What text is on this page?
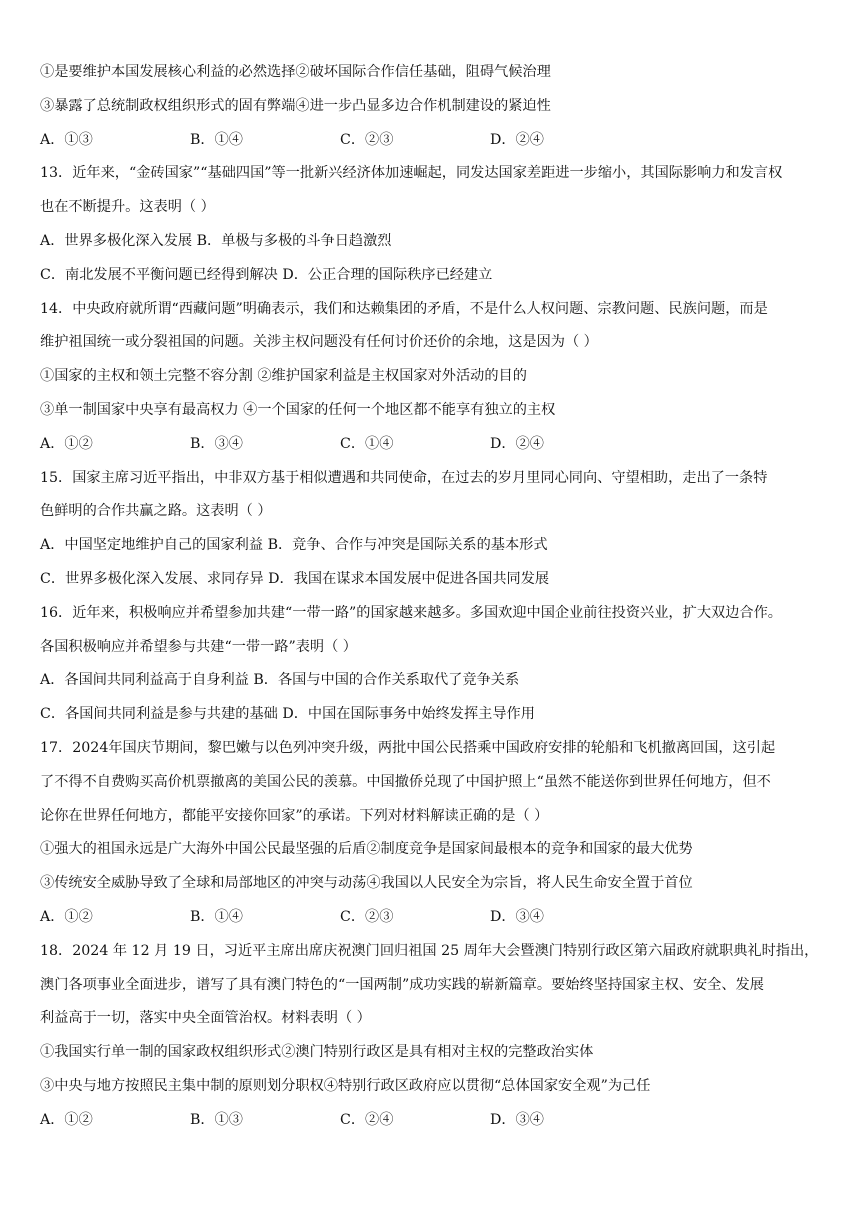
①是要维护本国发展核心利益的必然选择②破坏国际合作信任基础，阻碍气候治理
③暴露了总统制政权组织形式的固有弊端④进一步凸显多边合作机制建设的紧迫性
A．①③	B．①④	C．②③	D．②④
13．近年来，“金砖国家”“基础四国”等一批新兴经济体加速崛起，同发达国家差距进一步缩小，其国际影响力和发言权
也在不断提升。这表明（ ）
A．世界多极化深入发展 B．单极与多极的斗争日趋激烈
C．南北发展不平衡问题已经得到解决 D．公正合理的国际秩序已经建立
14．中央政府就所谓“西藏问题”明确表示，我们和达赖集团的矛盾，不是什么人权问题、宗教问题、民族问题，而是
维护祖国统一或分裂祖国的问题。关涉主权问题没有任何讨价还价的余地，这是因为（ ）
①国家的主权和领土完整不容分割 ②维护国家利益是主权国家对外活动的目的
③单一制国家中央享有最高权力 ④一个国家的任何一个地区都不能享有独立的主权
A．①②	B．③④	C．①④	D．②④
15．国家主席习近平指出，中非双方基于相似遭遇和共同使命，在过去的岁月里同心同向、守望相助，走出了一条特
色鲜明的合作共赢之路。这表明（ ）
A．中国坚定地维护自己的国家利益 B．竞争、合作与冲突是国际关系的基本形式
C．世界多极化深入发展、求同存异 D．我国在谋求本国发展中促进各国共同发展
16．近年来，积极响应并希望参加共建“一带一路”的国家越来越多。多国欢迎中国企业前往投资兴业，扩大双边合作。
各国积极响应并希望参与共建“一带一路”表明（ ）
A．各国间共同利益高于自身利益 B．各国与中国的合作关系取代了竞争关系
C．各国间共同利益是参与共建的基础 D．中国在国际事务中始终发挥主导作用
17．2024年国庆节期间，黎巴嫩与以色列冲突升级，两批中国公民搭乘中国政府安排的轮船和飞机撤离回国，这引起
了不得不自费购买高价机票撤离的美国公民的羡慕。中国撤侨兑现了中国护照上“虽然不能送你到世界任何地方，但不
论你在世界任何地方，都能平安接你回家”的承诺。下列对材料解读正确的是（ ）
①强大的祖国永远是广大海外中国公民最坚强的后盾②制度竞争是国家间最根本的竞争和国家的最大优势
③传统安全威胁导致了全球和局部地区的冲突与动荡④我国以人民安全为宗旨，将人民生命安全置于首位
A．①②	B．①④	C．②③	D．③④
18．2024 年 12 月 19 日，习近平主席出席庆祝澳门回归祖国 25 周年大会暨澳门特别行政区第六届政府就职典礼时指出，
澳门各项事业全面进步，谱写了具有澳门特色的“一国两制”成功实践的崭新篇章。要始终坚持国家主权、安全、发展
利益高于一切，落实中央全面管治权。材料表明（ ）
①我国实行单一制的国家政权组织形式②澳门特别行政区是具有相对主权的完整政治实体
③中央与地方按照民主集中制的原则划分职权④特别行政区政府应以贯彻“总体国家安全观”为己任
A．①②	B．①③	C．②④	D．③④
